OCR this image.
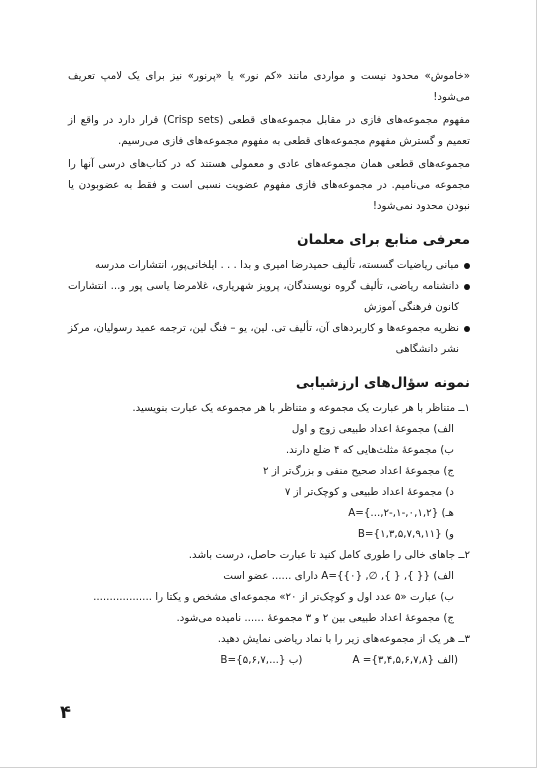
«خاموش» محدود نیست و مواردی مانند «کم نور» یا «پرنور» نیز برای یک لامپ تعریف می‌شود!

مفهوم مجموعه‌های فازی در مقابل مجموعه‌های قطعی (Crisp sets) قرار دارد در واقع از تعمیم و گسترش مفهوم مجموعه‌های قطعی به مفهوم مجموعه‌های فازی می‌رسیم.

مجموعه‌های قطعی همان مجموعه‌های عادی و معمولی هستند که در کتاب‌های درسی آنها را مجموعه می‌نامیم. در مجموعه‌های فازی مفهوم عضویت نسبی است و فقط به عضوبودن یا نبودن محدود نمی‌شود!

معرفی منابع برای معلمان
مبانی ریاضیات گسسته، تألیف حمیدرضا امیری و بدا . . . ایلخانی‌پور، انتشارات مدرسه
دانشنامه ریاضی، تألیف گروه نویسندگان، پرویز شهریاری، غلامرضا یاسی پور و... انتشارات کانون فرهنگی آموزش
نظریه مجموعه‌ها و کاربردهای آن، تألیف تی. لین، یو – فنگ لین، ترجمه عمید رسولیان، مرکز نشر دانشگاهی
نمونه سؤال‌های ارزشیابی

۱ــ متناظر با هر عبارت یک مجموعه و متناظر با هر مجموعه یک عبارت بنویسید.

الف) مجموعهٔ اعداد طبیعی زوج و اول

ب) مجموعهٔ مثلث‌هایی که ۴ ضلع دارند.

ج) مجموعهٔ اعداد صحیح منفی و بزرگ‌تر از ۲

د) مجموعهٔ اعداد طبیعی و کوچک‌تر از ۷

هـ) A={...,۲-,۱-,۰,۱,۲}

و) B={۱,۳,۵,۷,۹,۱۱}

۲ــ جاهای خالی را طوری کامل کنید تا عبارت حاصل، درست باشد.

الف) {{ }, { }, ∅, {۰}}=A دارای ...... عضو است

ب) عبارت «۵ عدد اول و کوچک‌تر از ۲۰» مجموعه‌ای مشخص و یکتا را ..................

ج) مجموعهٔ اعداد طبیعی بین ۲ و ۳ مجموعهٔ ...... نامیده می‌شود.

۳ــ هر یک از مجموعه‌های زیر را با نماد ریاضی نمایش دهید.

(ب B={۵,۶,۷,...}	(الف A ={۳,۴,۵,۶,۷,۸}
۴
